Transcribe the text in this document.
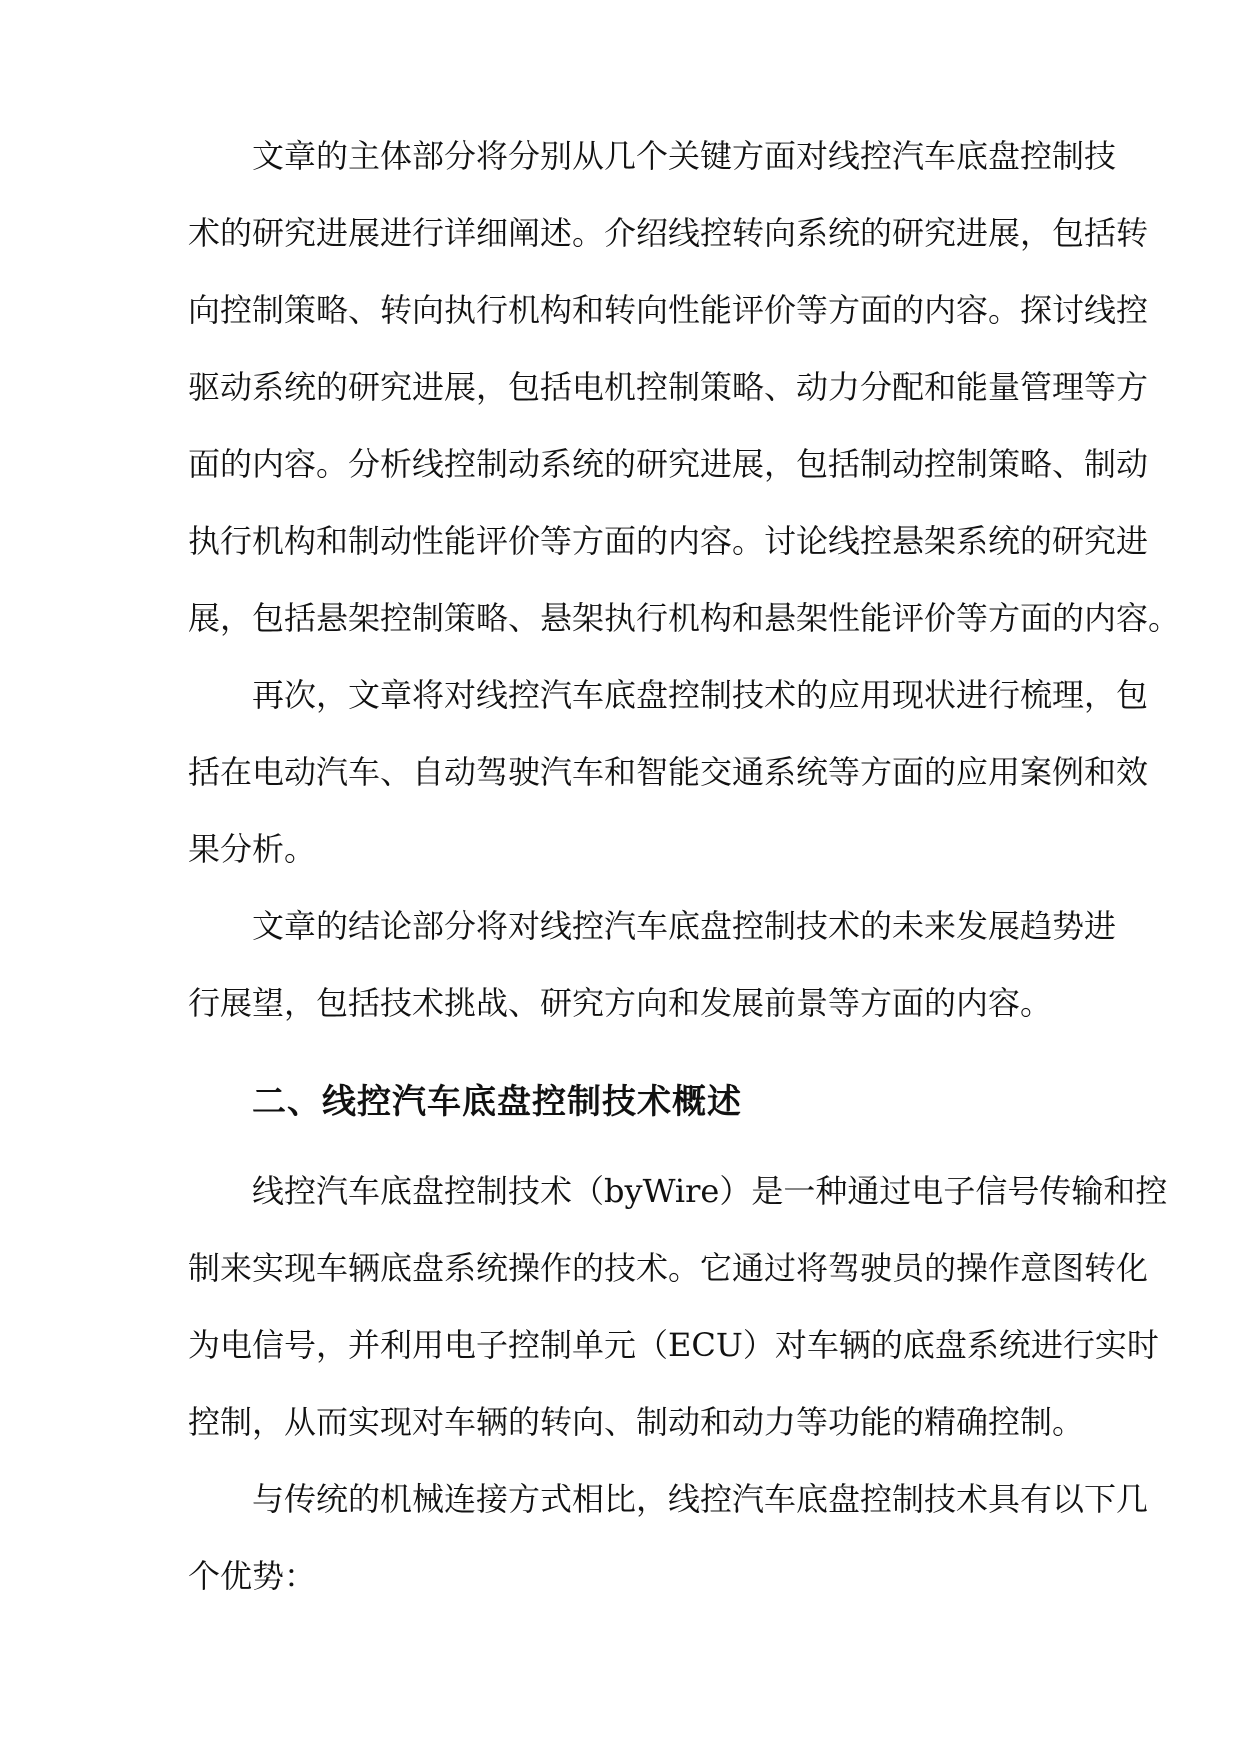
文章的主体部分将分别从几个关键方面对线控汽车底盘控制技
术的研究进展进行详细阐述。介绍线控转向系统的研究进展，包括转
向控制策略、转向执行机构和转向性能评价等方面的内容。探讨线控
驱动系统的研究进展，包括电机控制策略、动力分配和能量管理等方
面的内容。分析线控制动系统的研究进展，包括制动控制策略、制动
执行机构和制动性能评价等方面的内容。讨论线控悬架系统的研究进
展，包括悬架控制策略、悬架执行机构和悬架性能评价等方面的内容。
再次，文章将对线控汽车底盘控制技术的应用现状进行梳理，包
括在电动汽车、自动驾驶汽车和智能交通系统等方面的应用案例和效
果分析。
文章的结论部分将对线控汽车底盘控制技术的未来发展趋势进
行展望，包括技术挑战、研究方向和发展前景等方面的内容。
二、线控汽车底盘控制技术概述
线控汽车底盘控制技术（byWire）是一种通过电子信号传输和控
制来实现车辆底盘系统操作的技术。它通过将驾驶员的操作意图转化
为电信号，并利用电子控制单元（ECU）对车辆的底盘系统进行实时
控制，从而实现对车辆的转向、制动和动力等功能的精确控制。
与传统的机械连接方式相比，线控汽车底盘控制技术具有以下几
个优势：
